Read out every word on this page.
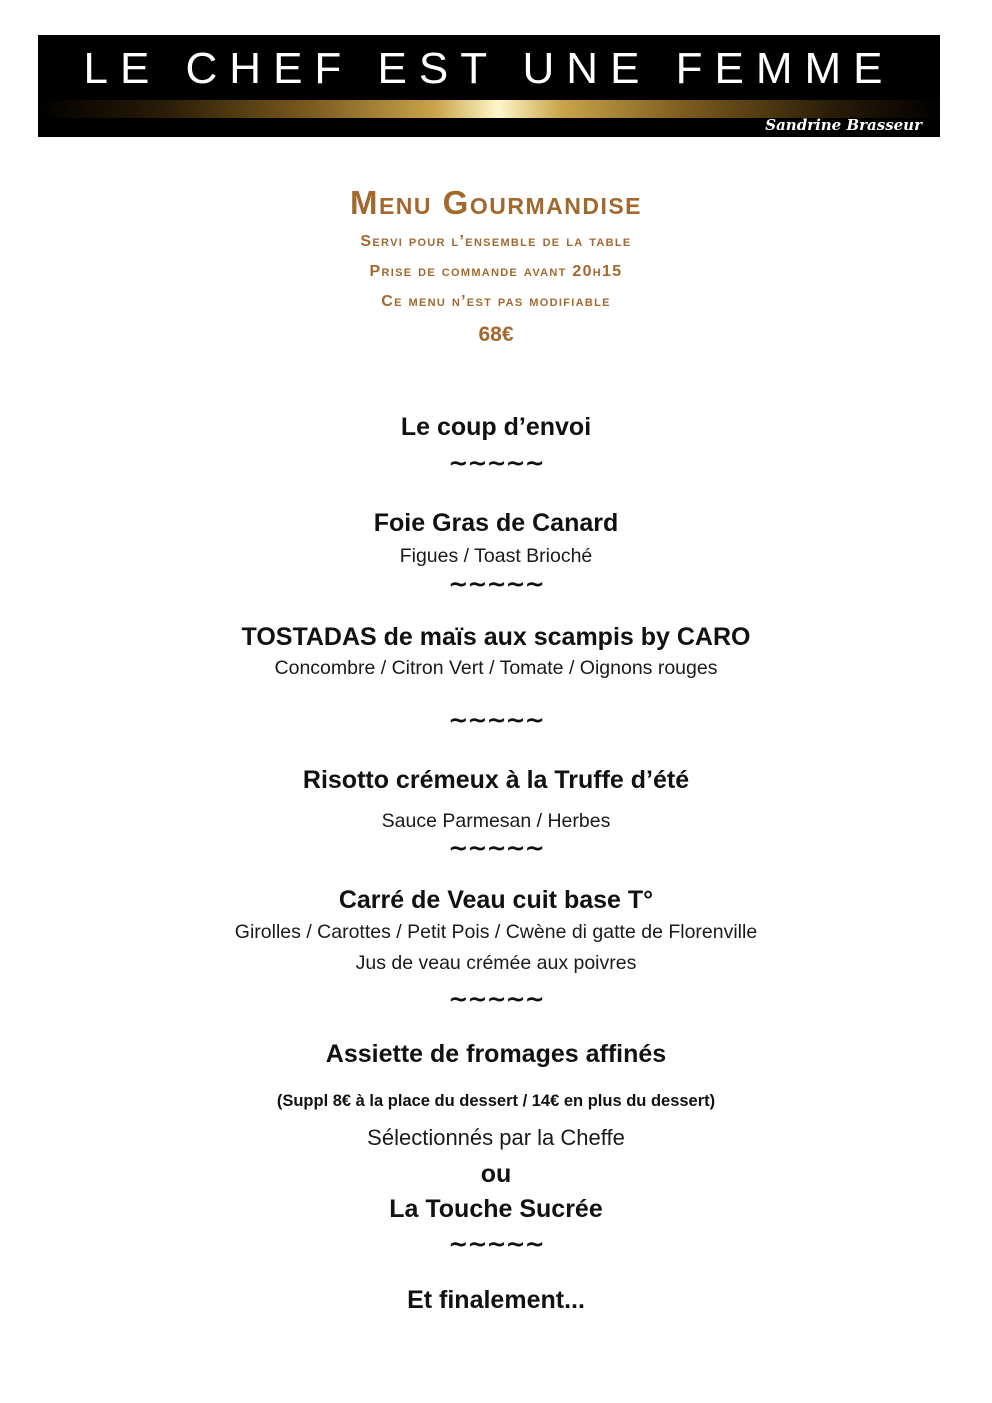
LE CHEF EST UNE FEMME
Sandrine Brasseur
Menu Gourmandise
Servi pour l’ensemble de la table
Prise de commande avant 20h15
Ce menu n’est pas modifiable
68€
Le coup d’envoi
~~~~~
Foie Gras de Canard
Figues / Toast Brioché
~~~~~
TOSTADAS de maïs aux scampis by CARO
Concombre / Citron Vert / Tomate / Oignons rouges
~~~~~
Risotto crémeux à la Truffe d’été
Sauce Parmesan / Herbes
~~~~~
Carré de Veau cuit base T°
Girolles / Carottes / Petit Pois / Cwène di gatte de Florenville
Jus de veau crémée aux poivres
~~~~~
Assiette de fromages affinés
(Suppl 8€ à la place du dessert / 14€ en plus du dessert)
Sélectionnés par la Cheffe
ou
La Touche Sucrée
~~~~~
Et finalement...
